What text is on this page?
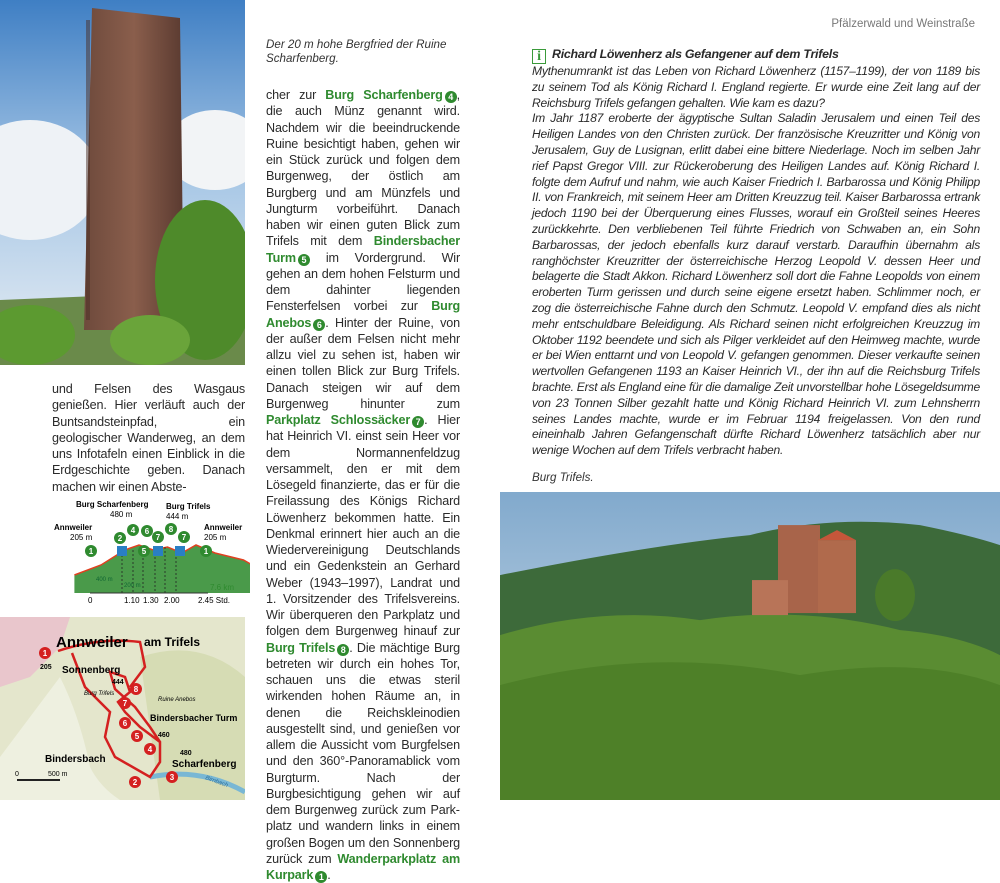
und Felsen des Wasgaus genießen. Hier verläuft auch der Buntsandsteinpfad, ein geologischer Wanderweg, an dem uns Infotafeln einen Einblick in die Erdgeschichte geben. Danach machen wir einen Abste-
Burg Scharfenberg
480 m
Burg Trifels
444 m
Annweiler
205 m
Annweiler
205 m
1	1
2
4
5
6
7
8
7
400 m
200 m	7.6 km
0	1.10 1.30 2.00 2.45 Std.
Annweiler am Trifels
Sonnenberg
444
Burg Trifels
Ruine Anebos
Bindersbacher Turm
Bindersbach	Scharfenberg
Birnbach
205
460
480
1
2
3
4
5
6
7
8
0	500 m
Der 20 m hohe Bergfried der Ruine Scharfenberg.
cher zur Burg Scharfenberg 4 , die auch Münz genannt wird. Nachdem wir die beeindruckende Ruine besichtigt haben, gehen wir ein Stück zurück und folgen dem Burgenweg, der östlich am Burgberg und am Münzfels und Jungturm vorbeiführt. Danach haben wir einen guten Blick zum Trifels mit dem Bindersbacher Turm 5 im Vordergrund. Wir gehen an dem hohen Felsturm und dem dahinter liegenden Fensterfelsen vorbei zur Burg Anebos 6 . Hinter der Ruine, von der außer dem Felsen nicht mehr allzu viel zu sehen ist, haben wir einen tollen Blick zur Burg Trifels. Danach steigen wir auf dem Burgenweg hinunter zum Parkplatz Schlossäcker 7 . Hier hat Heinrich VI. einst sein Heer vor dem Normannenfeldzug versammelt, den er mit dem Lösegeld finanzierte, das er für die Freilassung des Königs Richard Löwenherz bekommen hatte. Ein Denkmal erinnert hier auch an die Wiedervereinigung Deutschlands und ein Gedenkstein an Gerhard Weber (1943–1997), Landrat und 1. Vorsitzender des Trifelsvereins. Wir überqueren den Parkplatz und folgen dem Burgenweg hinauf zur Burg Trifels 8 . Die mächtige Burg betreten wir durch ein hohes Tor, schauen uns die etwas steril wirkenden hohen Räume an, in denen die Reichskleinodien ausgestellt sind, und genießen vor allem die Aussicht vom Burgfelsen und den 360°-Panoramablick vom Burgturm. Nach der Burgbesichtigung gehen wir auf dem Burgenweg zurück zum Parkplatz und wandern links in einem großen Bogen um den Sonnenberg zurück zum Wanderparkplatz am Kurpark 1 .
Pfälzerwald und Weinstraße
i Richard Löwenherz als Gefangener auf dem Trifels
Mythenumrankt ist das Leben von Richard Löwenherz (1157–1199), der von 1189 bis zu seinem Tod als König Richard I. England regierte. Er wurde eine Zeit lang auf der Reichsburg Trifels gefangen gehalten. Wie kam es dazu?
Im Jahr 1187 eroberte der ägyptische Sultan Saladin Jerusalem und einen Teil des Heiligen Landes von den Christen zurück. Der französische Kreuzritter und König von Jerusalem, Guy de Lusignan, erlitt dabei eine bittere Niederlage. Noch im selben Jahr rief Papst Gregor VIII. zur Rückeroberung des Heiligen Landes auf. König Richard I. folgte dem Aufruf und nahm, wie auch Kaiser Friedrich I. Barbarossa und König Philipp II. von Frankreich, mit seinem Heer am Dritten Kreuzzug teil. Kaiser Barbarossa ertrank jedoch 1190 bei der Überquerung eines Flusses, worauf ein Großteil seines Heeres zurückkehrte. Den verbliebenen Teil führte Friedrich von Schwaben an, ein Sohn Barbarossas, der jedoch ebenfalls kurz darauf verstarb. Daraufhin übernahm als ranghöchster Kreuzritter der österreichische Herzog Leopold V. dessen Heer und belagerte die Stadt Akkon. Richard Löwenherz soll dort die Fahne Leopolds von einem eroberten Turm gerissen und durch seine eigene ersetzt haben. Schlimmer noch, er zog die österreichische Fahne durch den Schmutz. Leopold V. empfand dies als nicht mehr entschuldbare Beleidigung. Als Richard seinen nicht erfolgreichen Kreuzzug im Oktober 1192 beendete und sich als Pilger verkleidet auf den Heimweg machte, wurde er bei Wien enttarnt und von Leopold V. gefangen genommen. Dieser verkaufte seinen wertvollen Gefangenen 1193 an Kaiser Heinrich VI., der ihn auf die Reichsburg Trifels brachte. Erst als England eine für die damalige Zeit unvorstellbar hohe Lösegeldsumme von 23 Tonnen Silber gezahlt hatte und König Richard Heinrich VI. zum Lehnsherrn seines Landes machte, wurde er im Februar 1194 freigelassen. Von den rund eineinhalb Jahren Gefangenschaft dürfte Richard Löwenherz tatsächlich aber nur wenige Wochen auf dem Trifels verbracht haben.
Burg Trifels.
